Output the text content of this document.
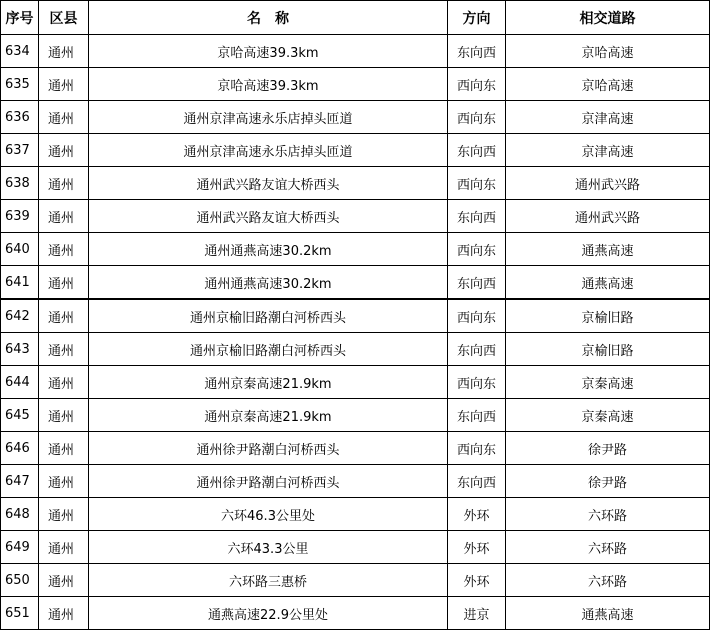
序号	区县	名　称	方向	相交道路
634	通州	京哈高速39.3km	东向西	京哈高速
635	通州	京哈高速39.3km	西向东	京哈高速
636	通州	通州京津高速永乐店掉头匝道	西向东	京津高速
637	通州	通州京津高速永乐店掉头匝道	东向西	京津高速
638	通州	通州武兴路友谊大桥西头	西向东	通州武兴路
639	通州	通州武兴路友谊大桥西头	东向西	通州武兴路
640	通州	通州通燕高速30.2km	西向东	通燕高速
641	通州	通州通燕高速30.2km	东向西	通燕高速
642	通州	通州京榆旧路潮白河桥西头	西向东	京榆旧路
643	通州	通州京榆旧路潮白河桥西头	东向西	京榆旧路
644	通州	通州京秦高速21.9km	西向东	京秦高速
645	通州	通州京秦高速21.9km	东向西	京秦高速
646	通州	通州徐尹路潮白河桥西头	西向东	徐尹路
647	通州	通州徐尹路潮白河桥西头	东向西	徐尹路
648	通州	六环46.3公里处	外环	六环路
649	通州	六环43.3公里	外环	六环路
650	通州	六环路三惠桥	外环	六环路
651	通州	通燕高速22.9公里处	进京	通燕高速
